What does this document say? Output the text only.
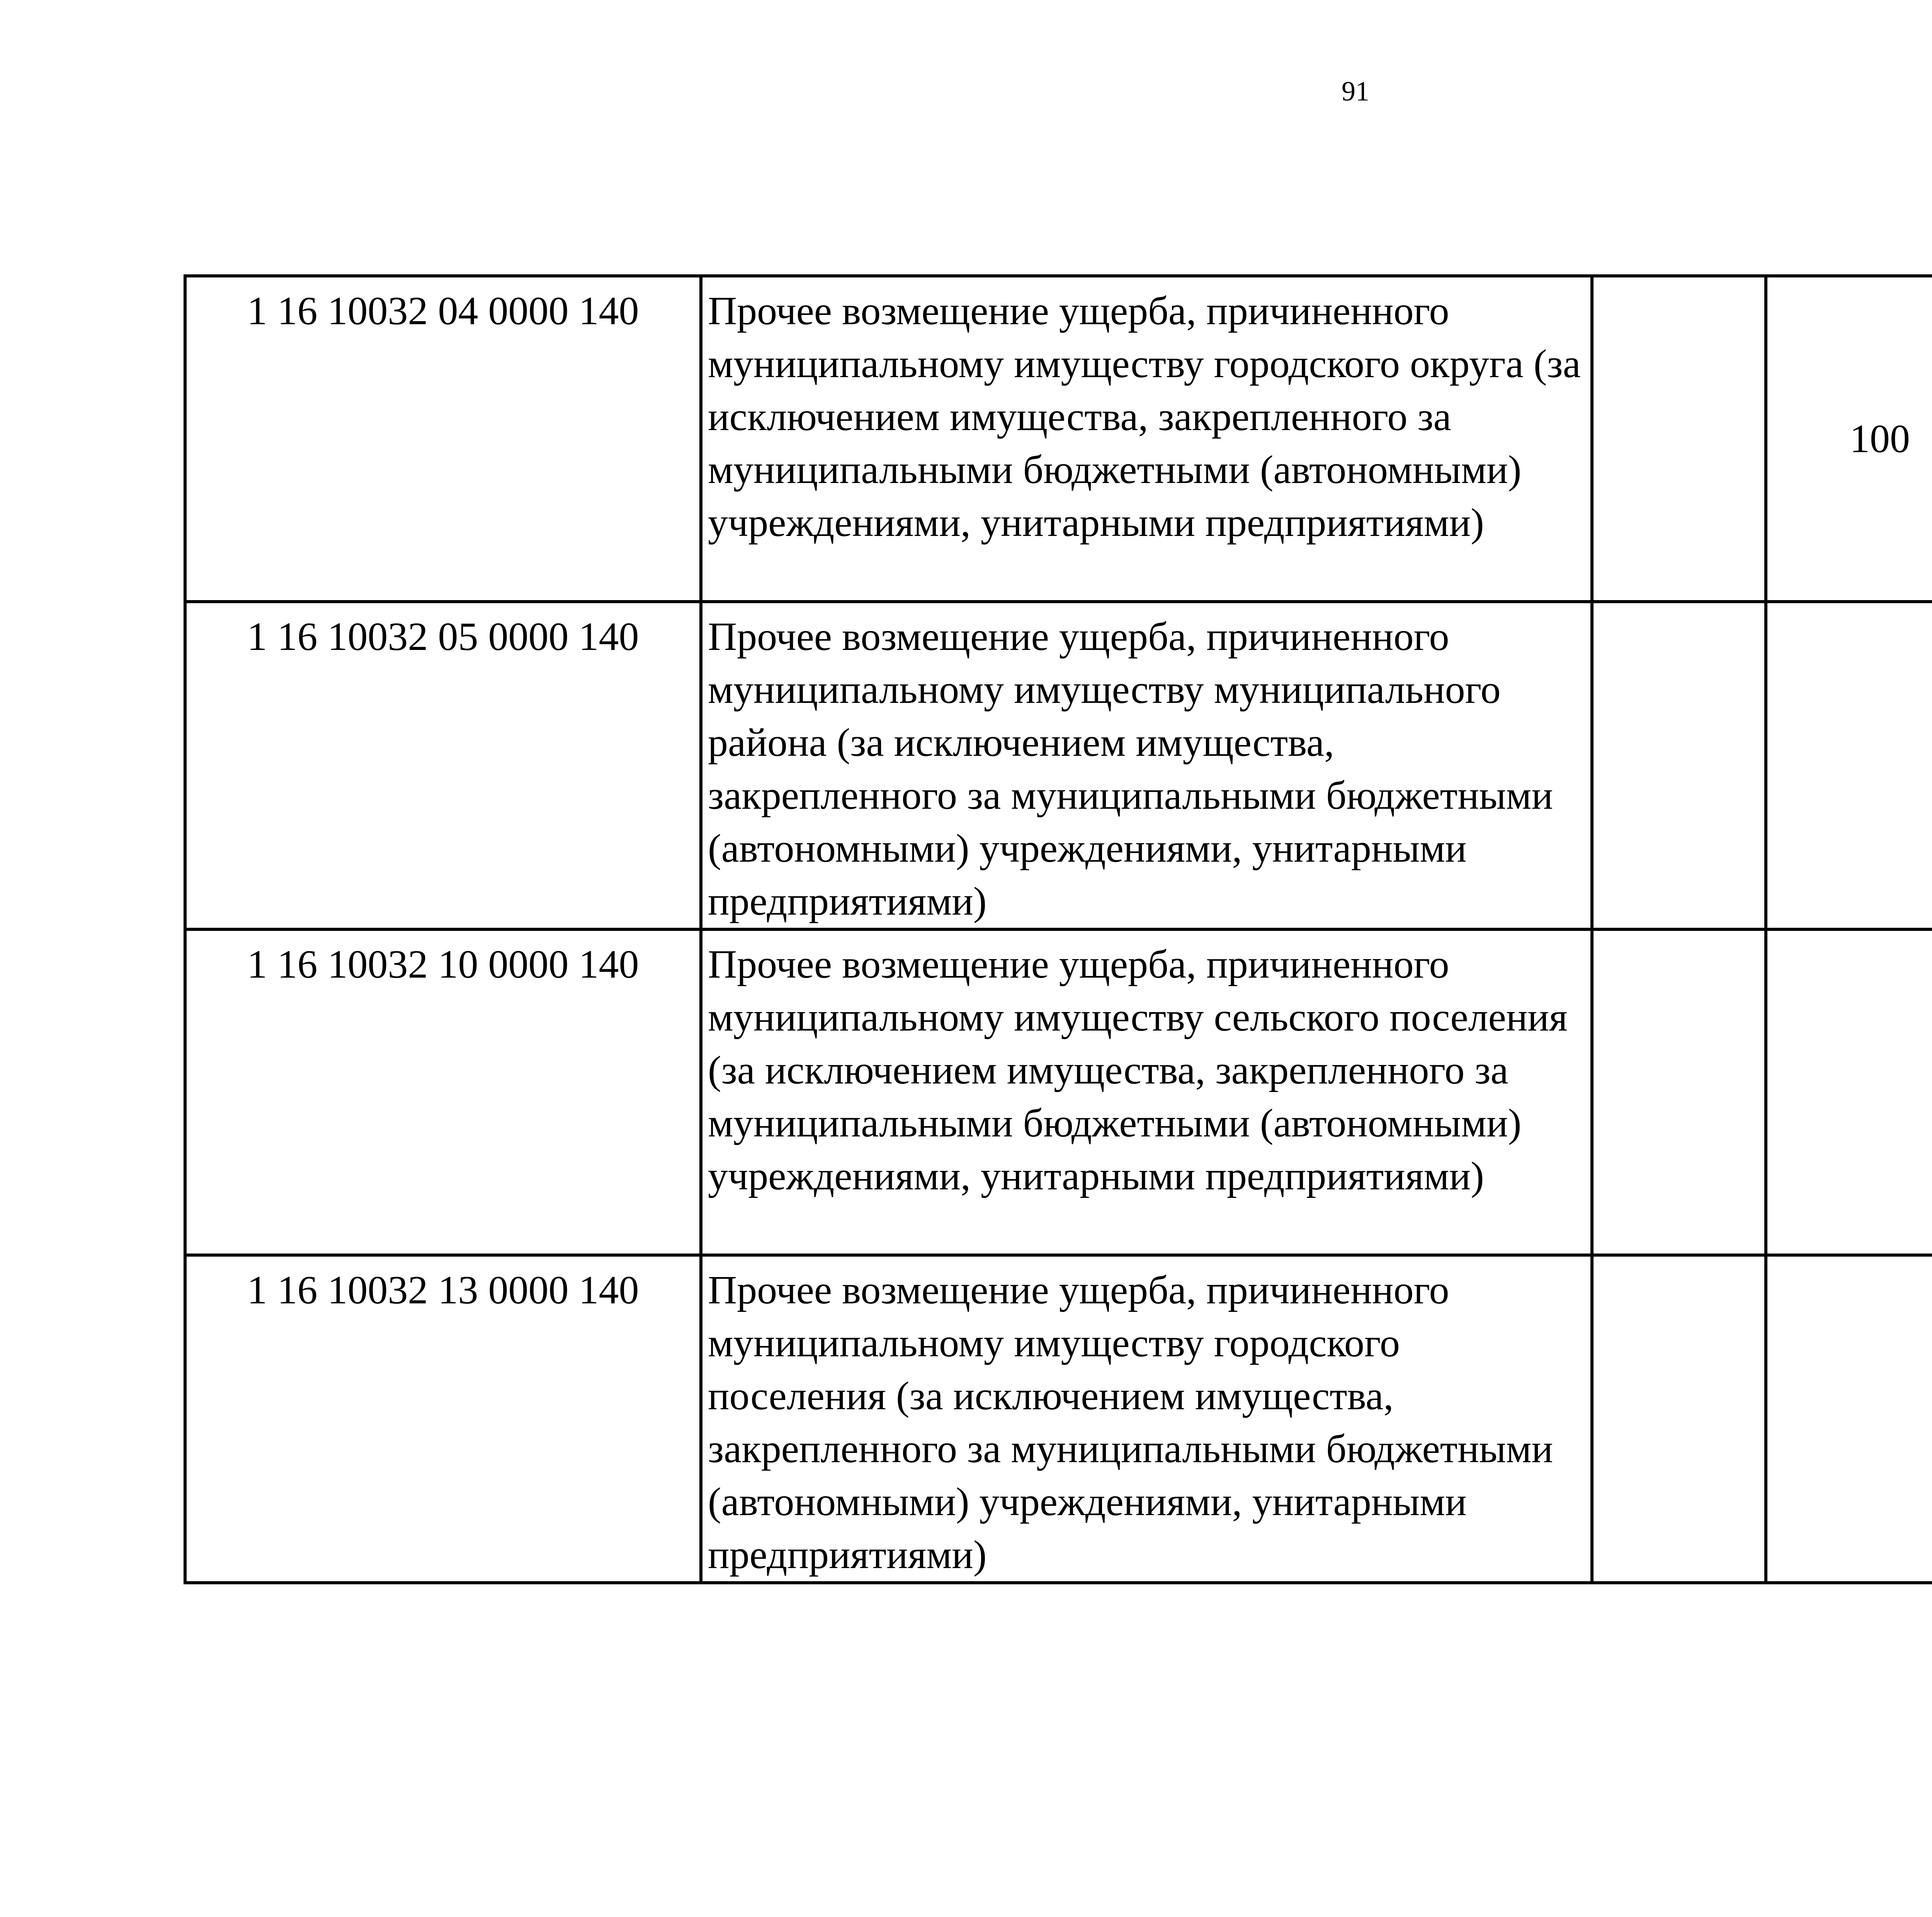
91
1 16 10032 04 0000 140	Прочее возмещение ущерба, причиненного муниципальному имуществу городского округа (за исключением имущества, закрепленного за муниципальными бюджетными (автономными) учреждениями, унитарными предприятиями)		100			
1 16 10032 05 0000 140	Прочее возмещение ущерба, причиненного муниципальному имуществу муниципального района (за исключением имущества, закрепленного за муниципальными бюджетными (автономными) учреждениями, унитарными предприятиями)					
1 16 10032 10 0000 140	Прочее возмещение ущерба, причиненного муниципальному имуществу сельского поселения (за исключением имущества, закрепленного за муниципальными бюджетными (автономными) учреждениями, унитарными предприятиями)					
1 16 10032 13 0000 140	Прочее возмещение ущерба, причиненного муниципальному имуществу городского поселения (за исключением имущества, закрепленного за муниципальными бюджетными (автономными) учреждениями, унитарными предприятиями)					
